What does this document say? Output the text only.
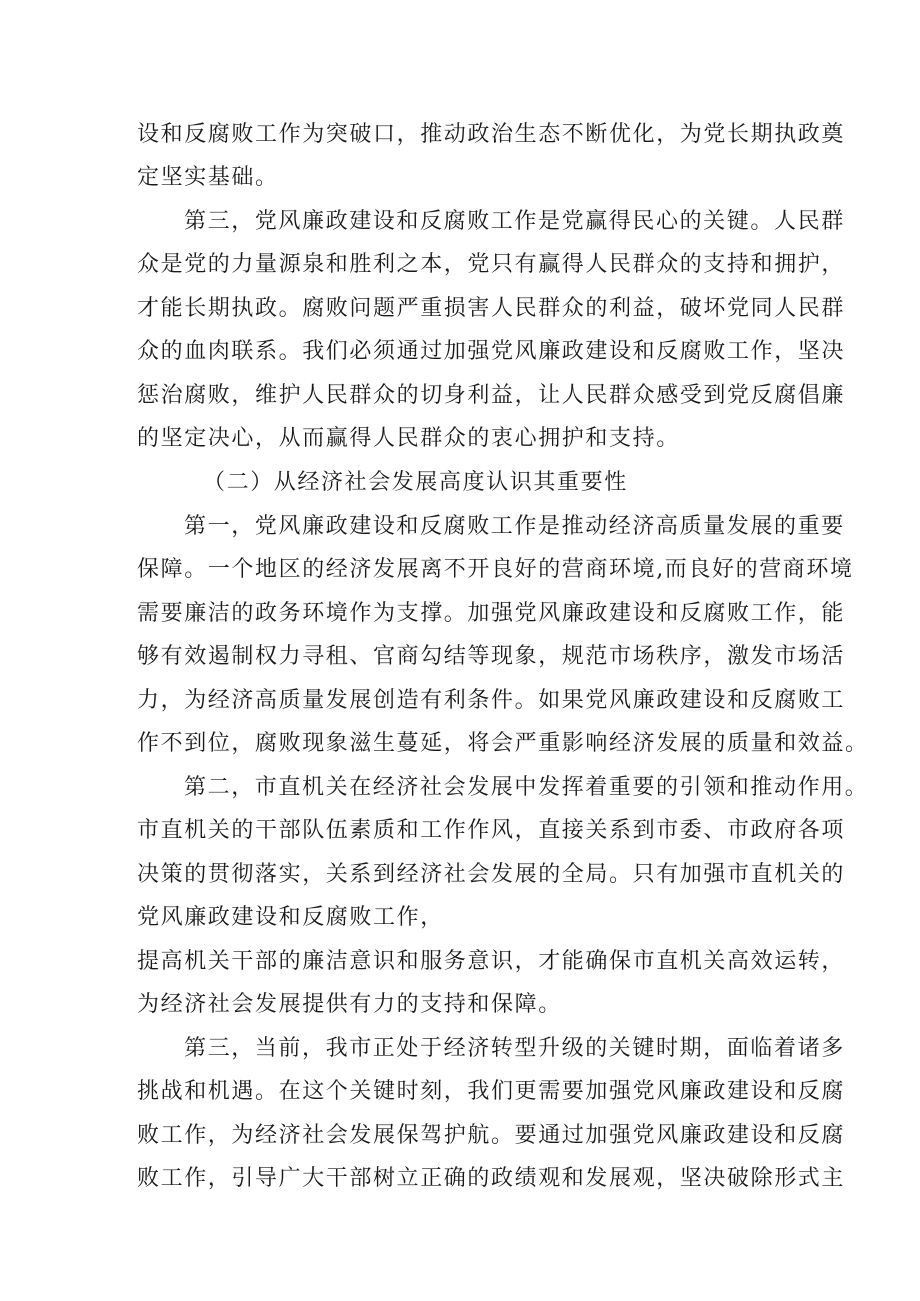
设和反腐败工作为突破口，推动政治生态不断优化，为党长期执政奠

定坚实基础。

第三，党风廉政建设和反腐败工作是党赢得民心的关键。人民群

众是党的力量源泉和胜利之本，党只有赢得人民群众的支持和拥护，

才能长期执政。腐败问题严重损害人民群众的利益，破坏党同人民群

众的血肉联系。我们必须通过加强党风廉政建设和反腐败工作，坚决

惩治腐败，维护人民群众的切身利益，让人民群众感受到党反腐倡廉

的坚定决心，从而赢得人民群众的衷心拥护和支持。

（二）从经济社会发展高度认识其重要性

第一，党风廉政建设和反腐败工作是推动经济高质量发展的重要

保障。一个地区的经济发展离不开良好的营商环境,而良好的营商环境

需要廉洁的政务环境作为支撑。加强党风廉政建设和反腐败工作，能

够有效遏制权力寻租、官商勾结等现象，规范市场秩序，激发市场活

力，为经济高质量发展创造有利条件。如果党风廉政建设和反腐败工

作不到位，腐败现象滋生蔓延，将会严重影响经济发展的质量和效益。

第二，市直机关在经济社会发展中发挥着重要的引领和推动作用。

市直机关的干部队伍素质和工作作风，直接关系到市委、市政府各项

决策的贯彻落实，关系到经济社会发展的全局。只有加强市直机关的

党风廉政建设和反腐败工作，

提高机关干部的廉洁意识和服务意识，才能确保市直机关高效运转，

为经济社会发展提供有力的支持和保障。

第三，当前，我市正处于经济转型升级的关键时期，面临着诸多

挑战和机遇。在这个关键时刻，我们更需要加强党风廉政建设和反腐

败工作，为经济社会发展保驾护航。要通过加强党风廉政建设和反腐

败工作，引导广大干部树立正确的政绩观和发展观，坚决破除形式主
